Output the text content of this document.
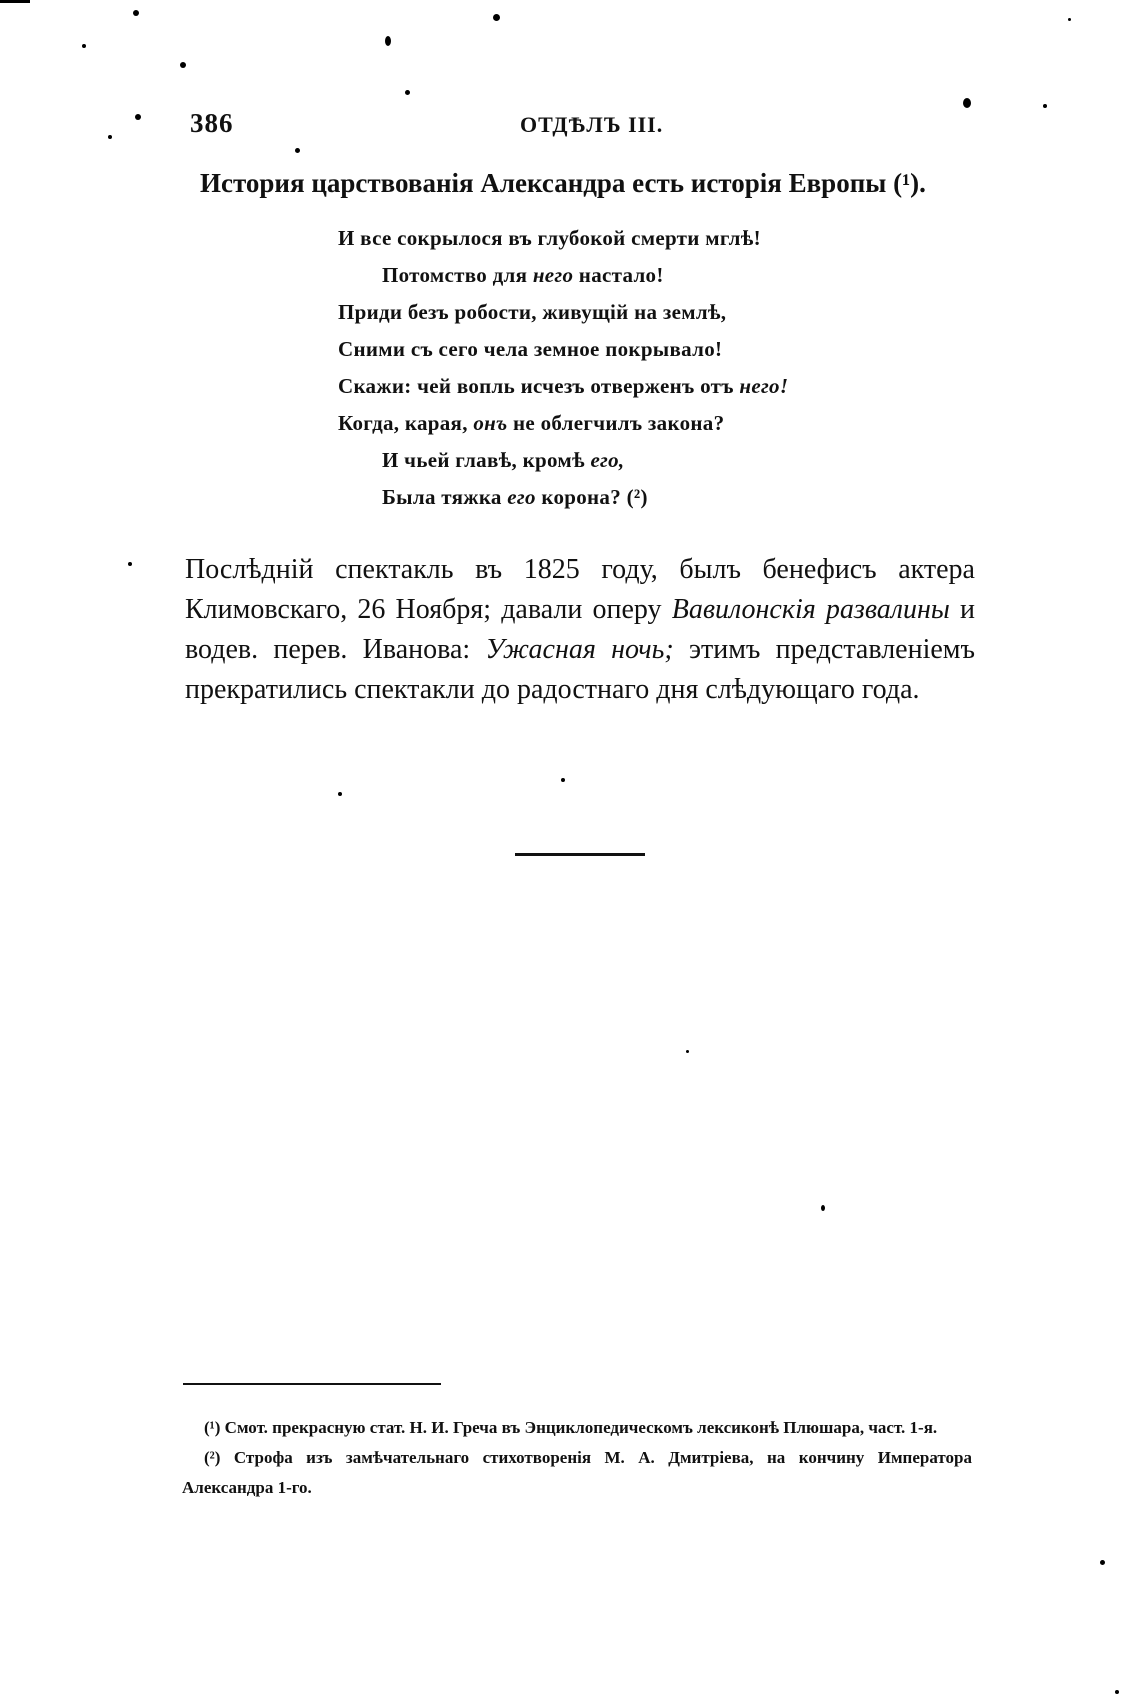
386	ОТДѢЛЪ III.
История царствованія Александра есть исторія Европы (¹).
И все сокрылося въ глубокой смерти мглѣ!
Потомство для него настало!
Приди безъ робости, живущій на землѣ,
Сними съ сего чела земное покрывало!
Скажи: чей вопль исчезъ отверженъ отъ него!
Когда, карая, онъ не облегчилъ закона?
И чьей главѣ, кромѣ его,
Была тяжка его корона? (²)

Послѣдній спектакль въ 1825 году, былъ бенефисъ актера Климовскаго, 26 Ноября; давали оперу Вавилонскія развалины и водев. перев. Иванова: Ужасная ночь; этимъ представленіемъ прекратились спектакли до радостнаго дня слѣдующаго года.

(¹) Смот. прекрасную стат. Н. И. Греча въ Энциклопедическомъ лексиконѣ Плюшара, част. 1-я.
(²) Строфа изъ замѣчательнаго стихотворенія М. А. Дмитріева, на кончину Императора Александра 1-го.
